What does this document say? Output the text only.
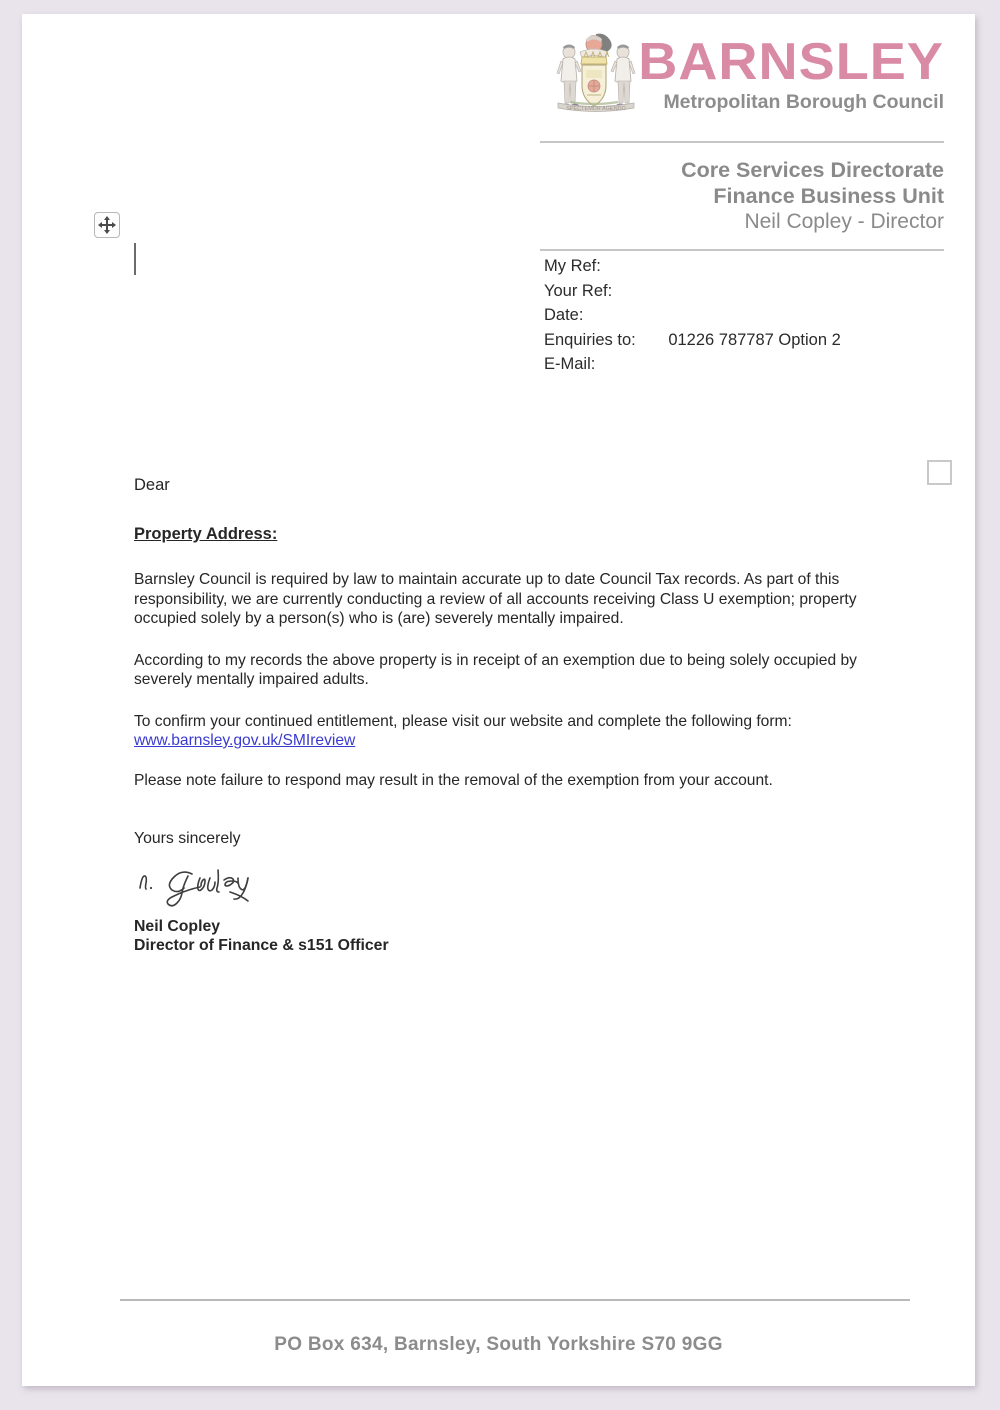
SPECTEMUR AGENDO
BARNSLEY
Metropolitan Borough Council
Core Services Directorate
Finance Business Unit
Neil Copley - Director
My Ref:
Your Ref:
Date:
Enquiries to: 01226 787787 Option 2
E-Mail:

Dear

Property Address:

Barnsley Council is required by law to maintain accurate up to date Council Tax records. As part of this responsibility, we are currently conducting a review of all accounts receiving Class U exemption; property occupied solely by a person(s) who is (are) severely mentally impaired.

According to my records the above property is in receipt of an exemption due to being solely occupied by severely mentally impaired adults.

To confirm your continued entitlement, please visit our website and complete the following form:
www.barnsley.gov.uk/SMIreview

Please note failure to respond may result in the removal of the exemption from your account.

Yours sincerely

Neil Copley

Director of Finance & s151 Officer

PO Box 634, Barnsley, South Yorkshire S70 9GG
